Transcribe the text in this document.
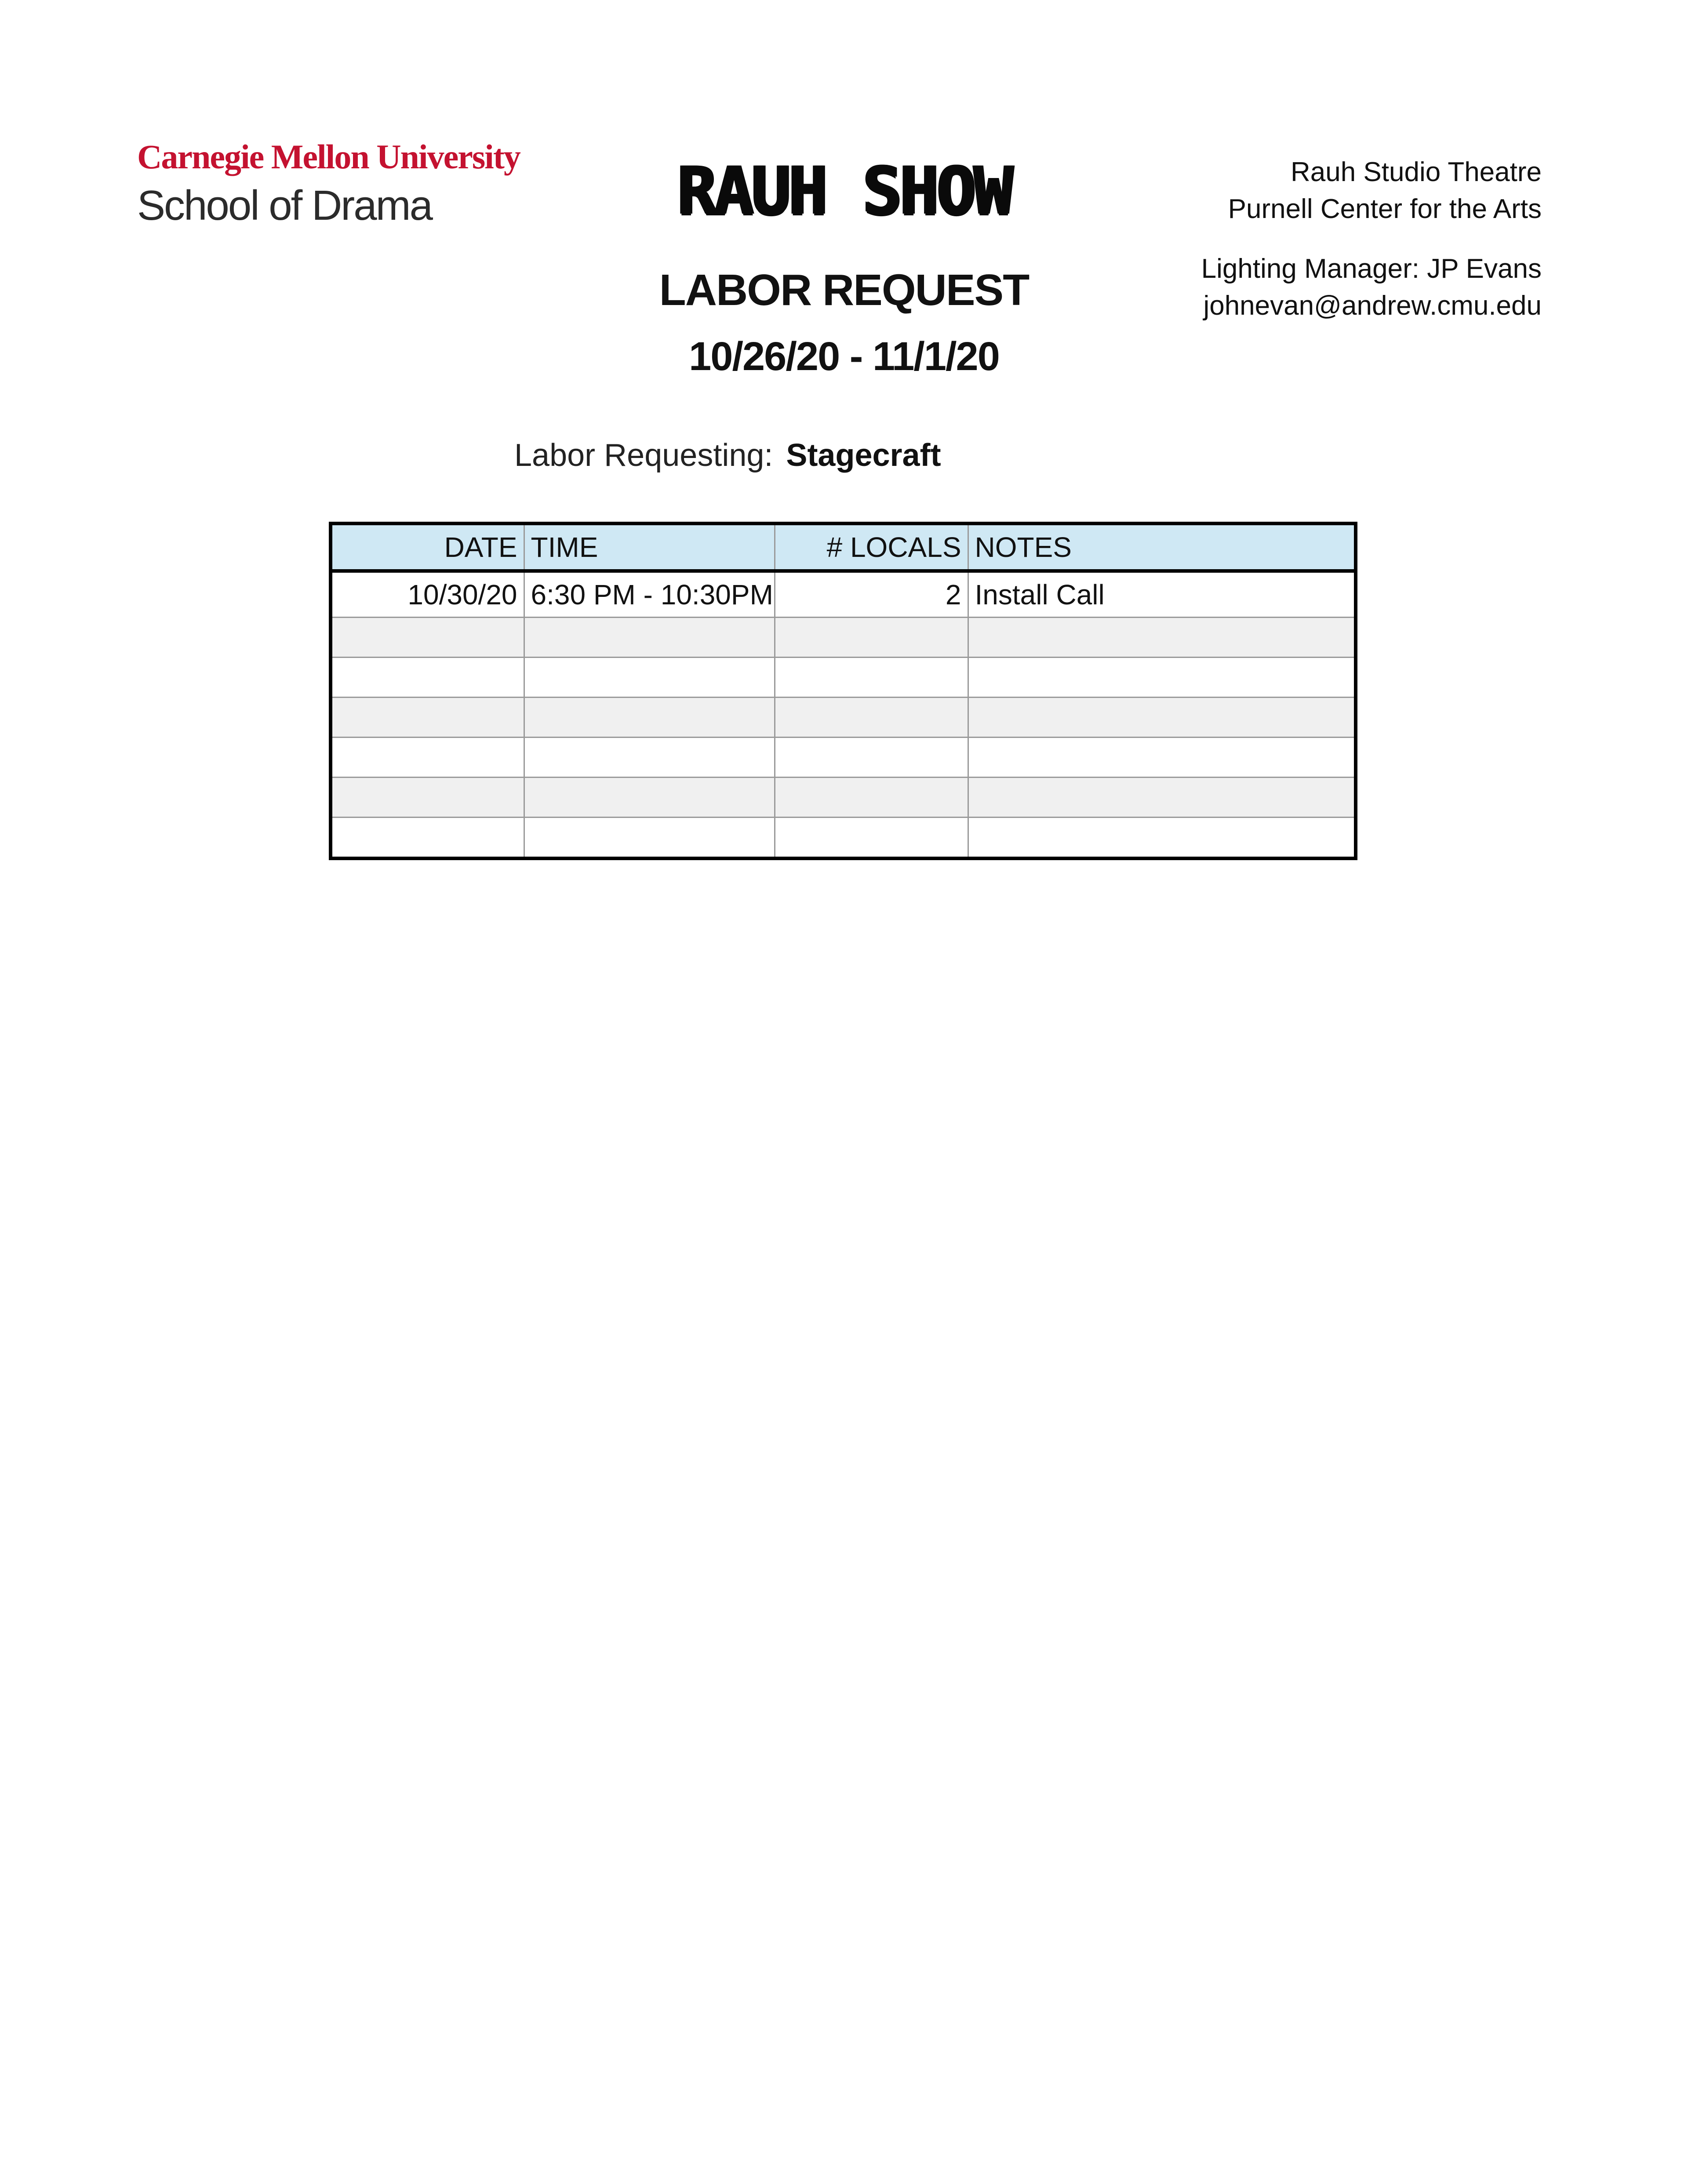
Carnegie Mellon University
School of Drama	RAUH SHOW
LABOR REQUEST
10/26/20 - 11/1/20
Rauh Studio Theatre
Purnell Center for the Arts
Lighting Manager: JP Evans
johnevan@andrew.cmu.edu
Labor Requesting: Stagecraft
DATE	TIME	# LOCALS	NOTES
10/30/20	6:30 PM - 10:30PM	2	Install Call
